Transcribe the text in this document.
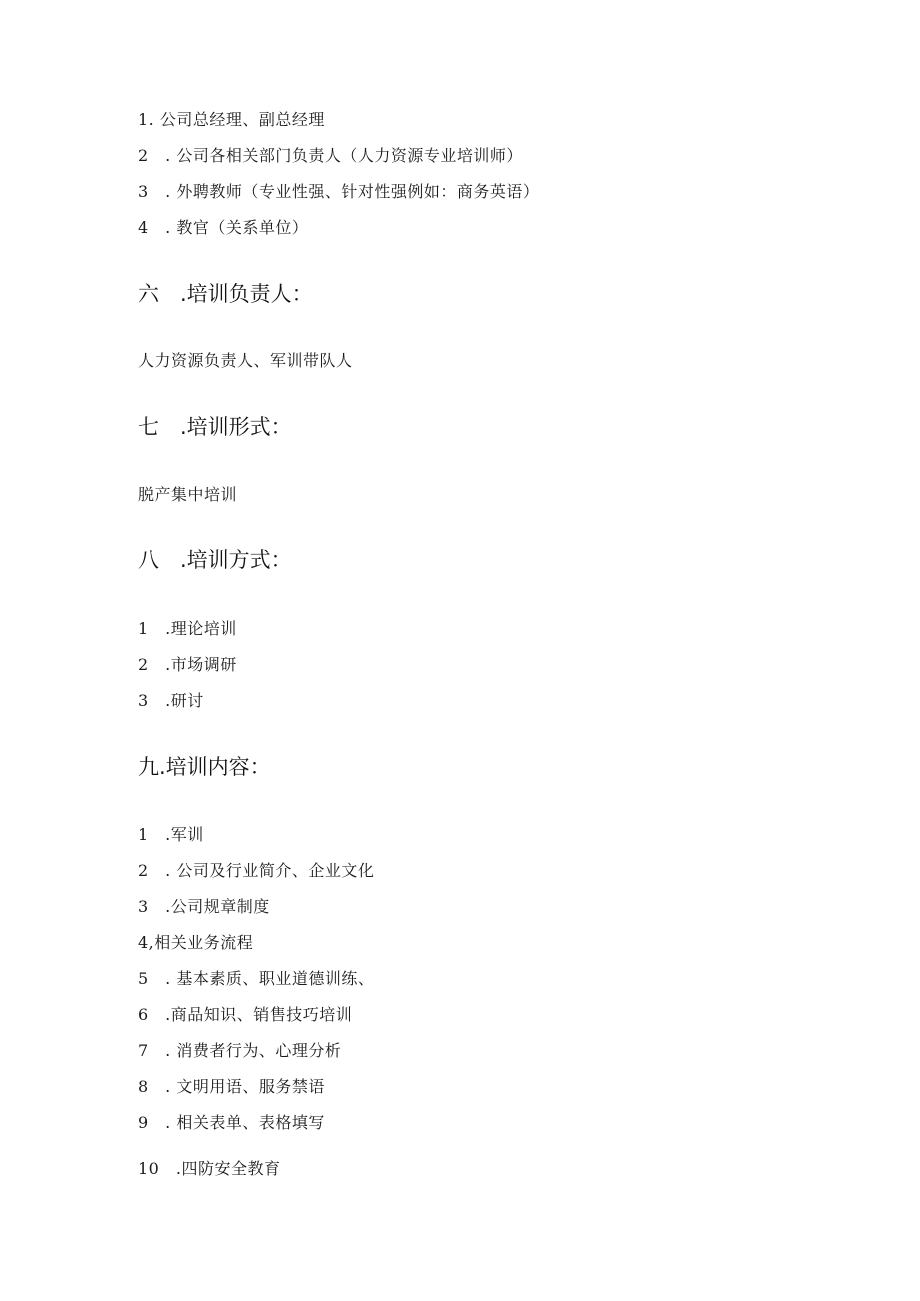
1. 公司总经理、副总经理
2　. 公司各相关部门负责人（人力资源专业培训师）
3　. 外聘教师（专业性强、针对性强例如：商务英语）
4　. 教官（关系单位）
六　.培训负责人：
人力资源负责人、军训带队人
七　.培训形式：
脱产集中培训
八　.培训方式：
1　.理论培训
2　.市场调研
3　.研讨
九.培训内容：
1　.军训
2　. 公司及行业简介、企业文化
3　.公司规章制度
4,相关业务流程
5　. 基本素质、职业道德训练、
6　.商品知识、销售技巧培训
7　. 消费者行为、心理分析
8　. 文明用语、服务禁语
9　. 相关表单、表格填写
10　.四防安全教育
